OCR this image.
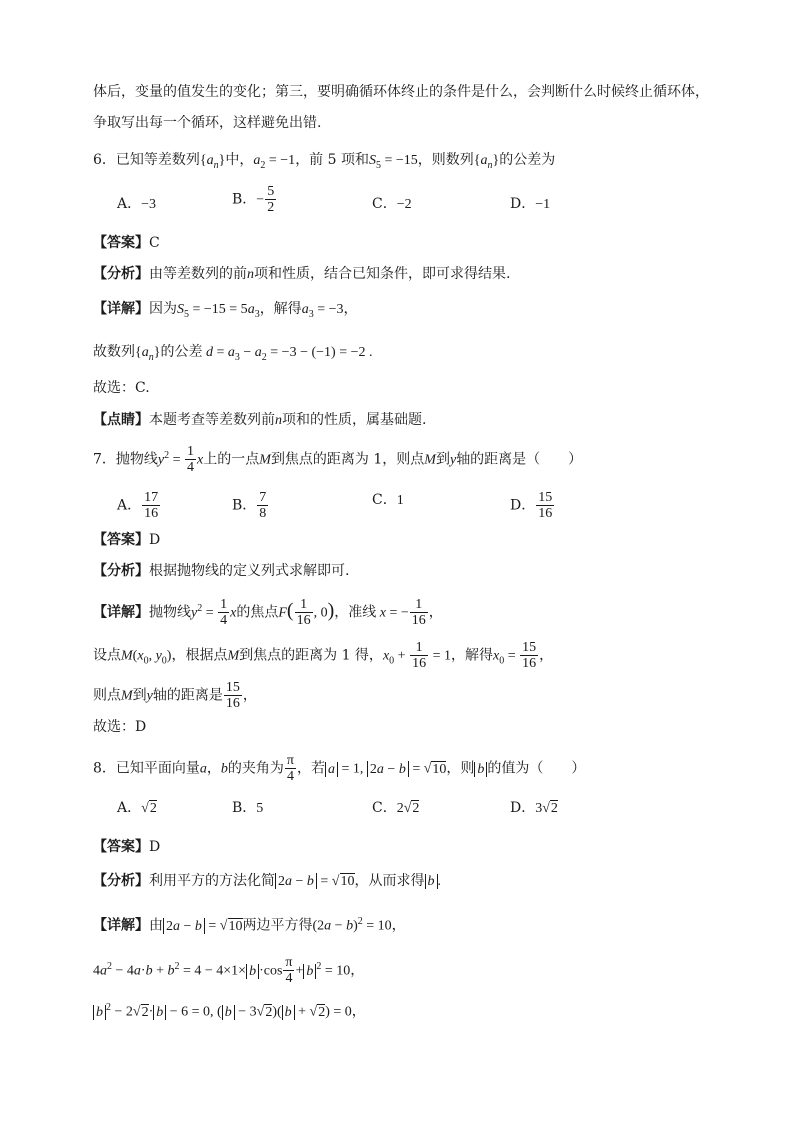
体后，变量的值发生的变化；第三，要明确循环体终止的条件是什么，会判断什么时候终止循环体，
争取写出每一个循环，这样避免出错.
6．已知等差数列$\{a_n\}$中，$a_2 = -1$，前 5 项和$S_5 = -15$，则数列$\{a_n\}$的公差为
A．−3	B．− $\frac{5}{2}$	C．−2	D．−1
【答案】C
【分析】由等差数列的前n项和性质，结合已知条件，即可求得结果.
【详解】因为$S_5 = -15 = 5a_3$，解得$a_3 = -3$，
故数列$\{a_n\}$的公差 $d = a_3 - a_2 = -3 - (-1) = -2$ .
故选：C.
【点睛】本题考查等差数列前n项和的性质，属基础题.
7．抛物线$y^2 = \frac{1}{4}$ x上的一点M到焦点的距离为 1，则点M到y轴的距离是（　　）
A． $\frac{17}{16}$	B． $\frac{7}{8}$	C．1	D． $\frac{15}{16}$
【答案】D
【分析】根据抛物线的定义列式求解即可.
【详解】抛物线$y^2 = \frac{1}{4}$ x的焦点$F( \frac{1}{16}$ , 0)，准线 x = − $\frac{1}{16}$ ，
设点$M(x_0$, $y_0$)，根据点M到焦点的距离为 1 得，$x_0 + \frac{1}{16} = 1$，解得$x_0 = \frac{15}{16}$ ，
则点M到y轴的距离是 $\frac{15}{16}$ ，
故选：D
8．已知平面向量a，b的夹角为 $\frac{\pi}{4}$ ，若 a = 1, 2a − b = √10，则 b 的值为（　　）
A．√2	B．5	C．2√2	D．3√2
【答案】D
【分析】利用平方的方法化简 2a − b = √10，从而求得 b .
【详解】由 2a − b = √10两边平方得$(2a - b)^2 = 10$，
$4a^2 - 4a\cdot b + b^2 = 4 - 4\times 1\times b \cdot\cos \frac{\pi}{4} + b$ $^2$ = 10，
b $^2$ − 2√2· b − 6 = 0, ( b − 3√2)( b + √2) = 0，
